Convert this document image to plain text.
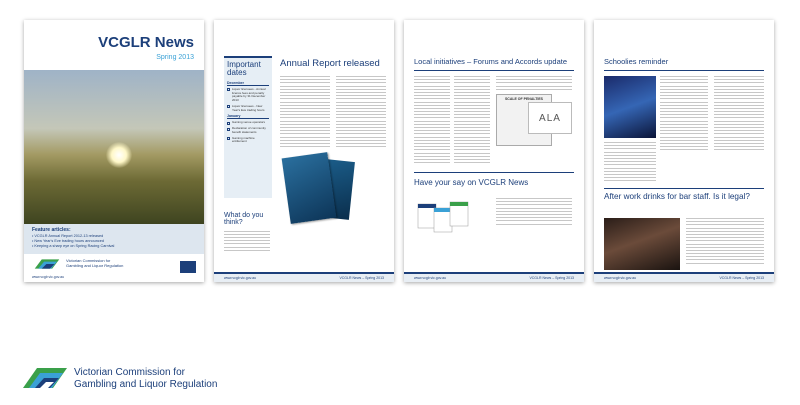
VCGLR News
Spring 2013
Feature articles:
• VCGLR Annual Report 2012-13 released
• New Year's Eve trading hours announced
• Keeping a sharp eye on Spring Racing Carnival
Victorian Commission for
Gambling and Liquor Regulation
www.vcglr.vic.gov.au
Important dates
December
Liquor licensees - Annual licence fees and penalty payable by 31 December 2013
Liquor licensees - New Year's Eve trading hours
January
Gaming venue operators
Declaration of community benefit statements
Gaming machine entitlement
What do you think?
Annual Report released
www.vcglr.vic.gov.au	VCGLR News – Spring 2013
Local initiatives – Forums and Accords update
SCALE OF PENALTIES
ALA
Have your say on VCGLR News
www.vcglr.vic.gov.au	VCGLR News – Spring 2013
Schoolies reminder
After work drinks for bar staff. Is it legal?
www.vcglr.vic.gov.au	VCGLR News – Spring 2013
Victorian Commission for
Gambling and Liquor Regulation
